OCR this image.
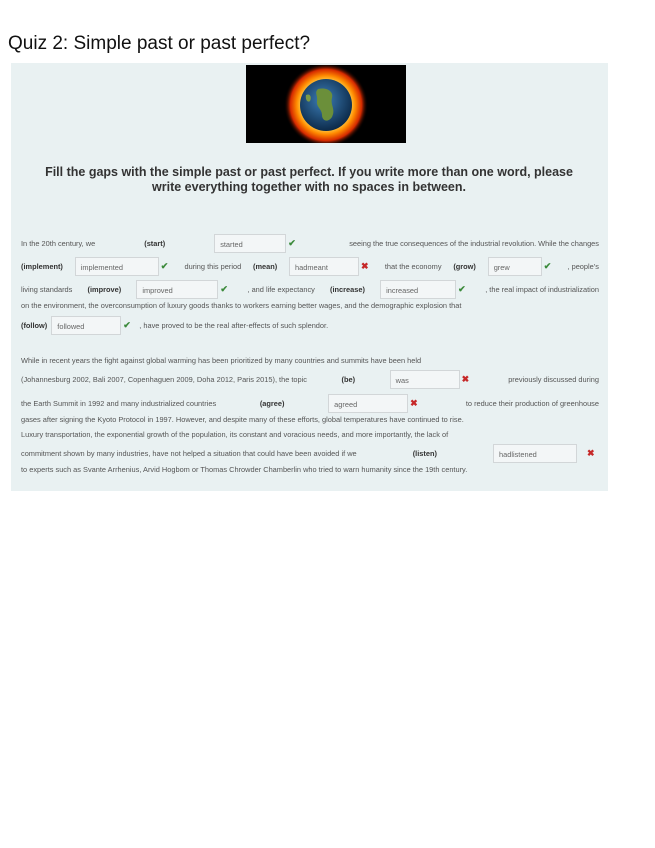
Quiz 2: Simple past or past perfect?
Fill the gaps with the simple past or past perfect. If you write more than one word, please write everything together with no spaces in between.
In the 20th century, we	(start)	started	✔	seeing the true consequences of the industrial revolution. While the changes
(implement)	implemented	✔	during this period (mean)	hadmeant	✖	that the economy (grow)	grew	✔	, people's
living standards (improve)	improved	✔	, and life expectancy (increase)	increased	✔	, the real impact of industrialization
on the environment, the overconsumption of luxury goods thanks to workers earning better wages, and the demographic explosion that
(follow)	followed	✔	, have proved to be the real after-effects of such splendor.
While in recent years the fight against global warming has been prioritized by many countries and summits have been held
(Johannesburg 2002, Bali 2007, Copenhaguen 2009, Doha 2012, Paris 2015), the topic	(be)	was	✖	previously discussed during
the Earth Summit in 1992 and many industrialized countries	(agree)	agreed	✖	to reduce their production of greenhouse
gases after signing the Kyoto Protocol in 1997. However, and despite many of these efforts, global temperatures have continued to rise.
Luxury transportation, the exponential growth of the population, its constant and voracious needs, and more importantly, the lack of
commitment shown by many industries, have not helped a situation that could have been avoided if we	(listen)	hadlistened	✖
to experts such as Svante Arrhenius, Arvid Hogbom or Thomas Chrowder Chamberlin who tried to warn humanity since the 19th century.
